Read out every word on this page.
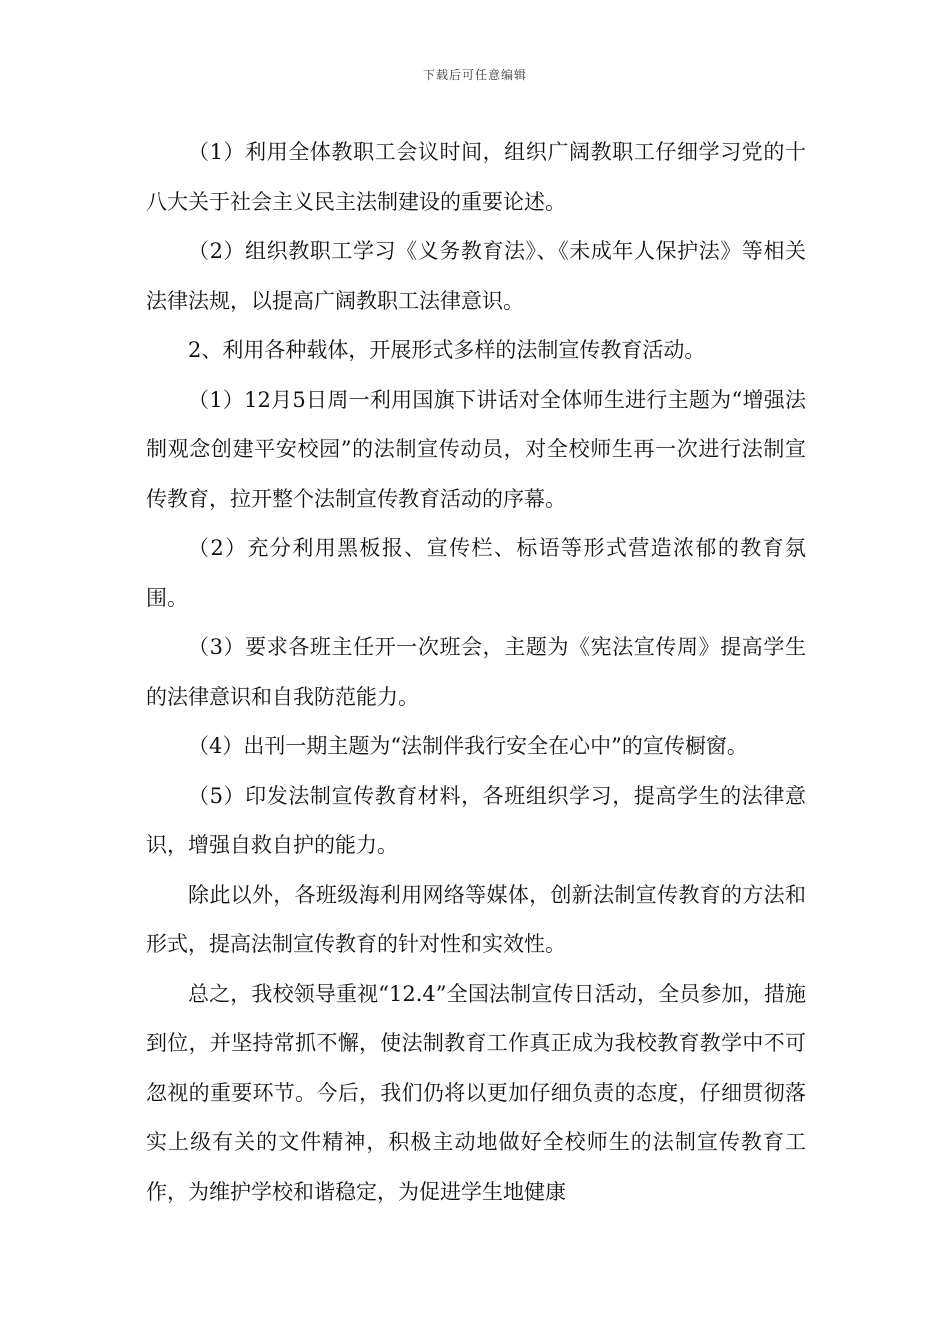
下载后可任意编辑

（1）利用全体教职工会议时间，组织广阔教职工仔细学习党的十八大关于社会主义民主法制建设的重要论述。

（2）组织教职工学习《义务教育法》、《未成年人保护法》等相关法律法规，以提高广阔教职工法律意识。

2、利用各种载体，开展形式多样的法制宣传教育活动。

（1）12月5日周一利用国旗下讲话对全体师生进行主题为“增强法制观念创建平安校园”的法制宣传动员，对全校师生再一次进行法制宣传教育，拉开整个法制宣传教育活动的序幕。

（2）充分利用黑板报、宣传栏、标语等形式营造浓郁的教育氛围。

（3）要求各班主任开一次班会，主题为《宪法宣传周》提高学生的法律意识和自我防范能力。

（4）出刊一期主题为“法制伴我行安全在心中”的宣传橱窗。

（5）印发法制宣传教育材料，各班组织学习，提高学生的法律意识，增强自救自护的能力。

除此以外，各班级海利用网络等媒体，创新法制宣传教育的方法和形式，提高法制宣传教育的针对性和实效性。

总之，我校领导重视“12.4”全国法制宣传日活动，全员参加，措施到位，并坚持常抓不懈，使法制教育工作真正成为我校教育教学中不可忽视的重要环节。今后，我们仍将以更加仔细负责的态度，仔细贯彻落实上级有关的文件精神，积极主动地做好全校师生的法制宣传教育工作，为维护学校和谐稳定，为促进学生地健康
